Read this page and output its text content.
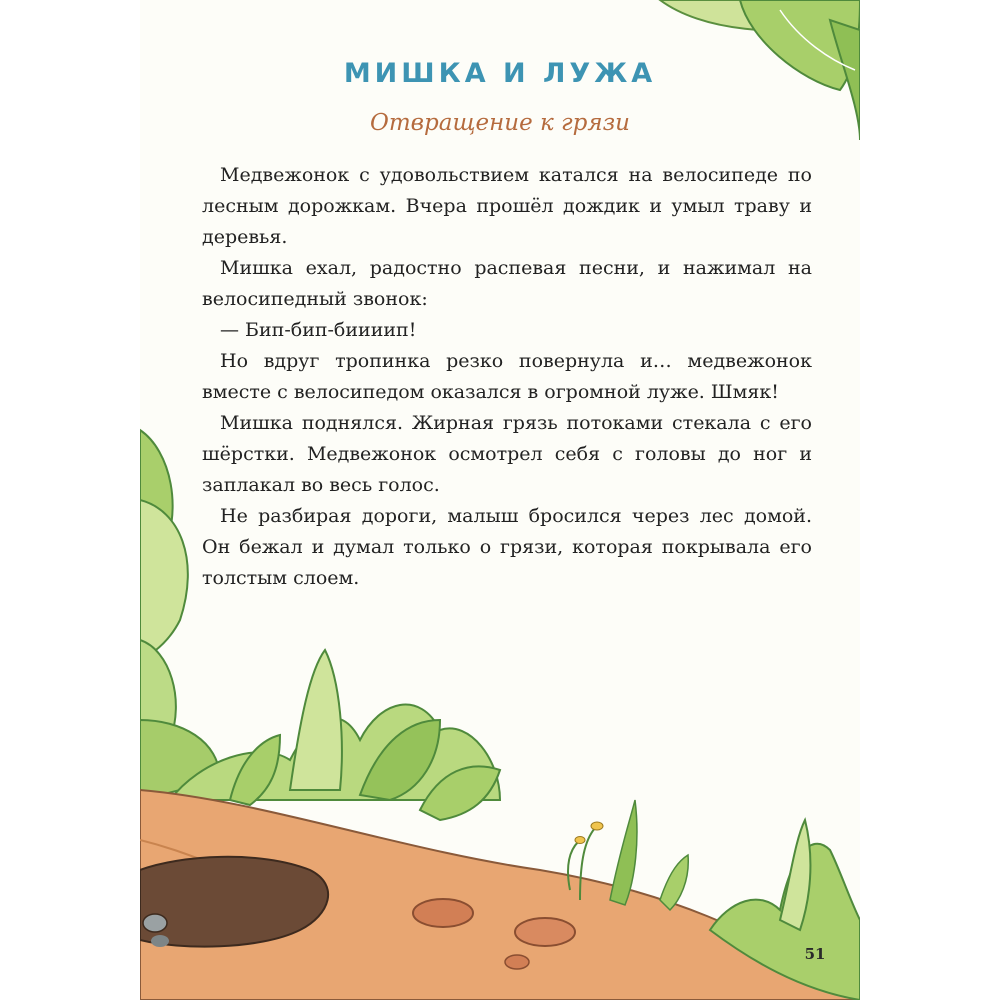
МИШКА И ЛУЖА
Отвращение к грязи

Медвежонок с удовольствием катался на велосипеде по лесным дорожкам. Вчера прошёл дождик и умыл траву и деревья.

Мишка ехал, радостно распевая песни, и нажимал на велосипедный звонок:

— Бип-бип-биииип!

Но вдруг тропинка резко повернула и… медвежонок вместе с велосипедом оказался в огромной луже. Шмяк!

Мишка поднялся. Жирная грязь потоками стекала с его шёрстки. Медвежонок осмотрел себя с головы до ног и заплакал во весь голос.

Не разбирая дороги, малыш бросился через лес домой. Он бежал и думал только о грязи, которая покрывала его толстым слоем.

51
